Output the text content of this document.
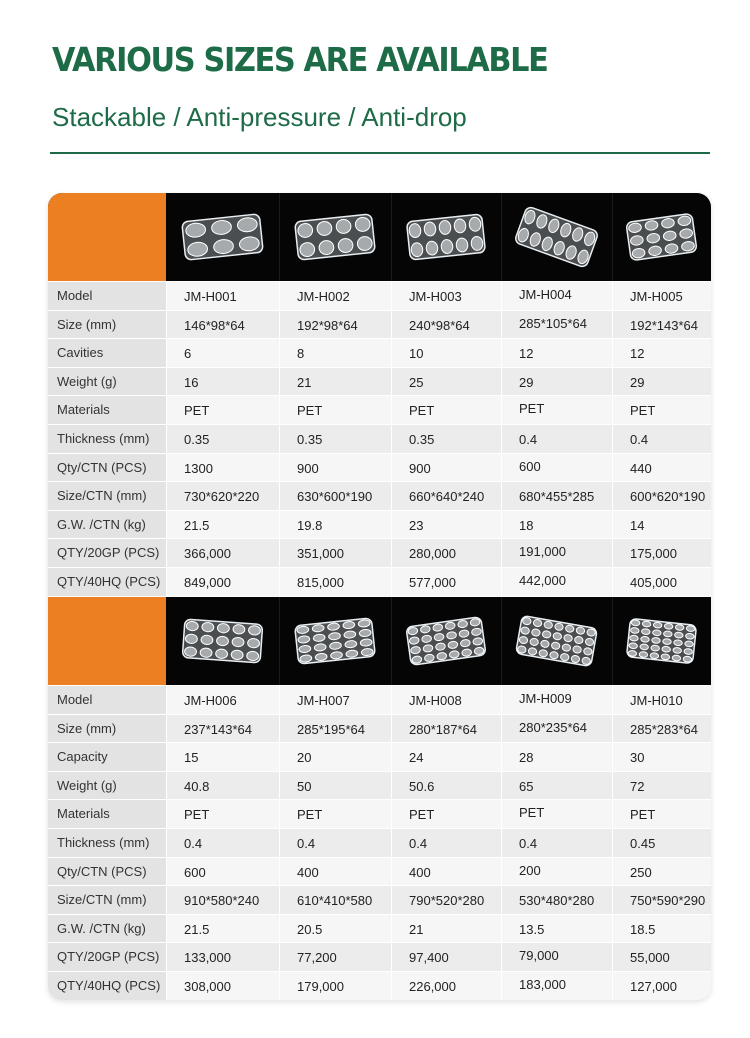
VARIOUS SIZES ARE AVAILABLE
Stackable / Anti-pressure / Anti-drop
Model	JM-H001	JM-H002	JM-H003	JM-H004	JM-H005
Size (mm)	146*98*64	192*98*64	240*98*64	285*105*64	192*143*64
Cavities	6	8	10	12	12
Weight (g)	16	21	25	29	29
Materials	PET	PET	PET	PET	PET
Thickness (mm)	0.35	0.35	0.35	0.4	0.4
Qty/CTN (PCS)	1300	900	900	600	440
Size/CTN (mm)	730*620*220	630*600*190	660*640*240	680*455*285	600*620*190
G.W. /CTN (kg)	21.5	19.8	23	18	14
QTY/20GP (PCS)	366,000	351,000	280,000	191,000	175,000
QTY/40HQ (PCS)	849,000	815,000	577,000	442,000	405,000
Model	JM-H006	JM-H007	JM-H008	JM-H009	JM-H010
Size (mm)	237*143*64	285*195*64	280*187*64	280*235*64	285*283*64
Capacity	15	20	24	28	30
Weight (g)	40.8	50	50.6	65	72
Materials	PET	PET	PET	PET	PET
Thickness (mm)	0.4	0.4	0.4	0.4	0.45
Qty/CTN (PCS)	600	400	400	200	250
Size/CTN (mm)	910*580*240	610*410*580	790*520*280	530*480*280	750*590*290
G.W. /CTN (kg)	21.5	20.5	21	13.5	18.5
QTY/20GP (PCS)	133,000	77,200	97,400	79,000	55,000
QTY/40HQ (PCS)	308,000	179,000	226,000	183,000	127,000
